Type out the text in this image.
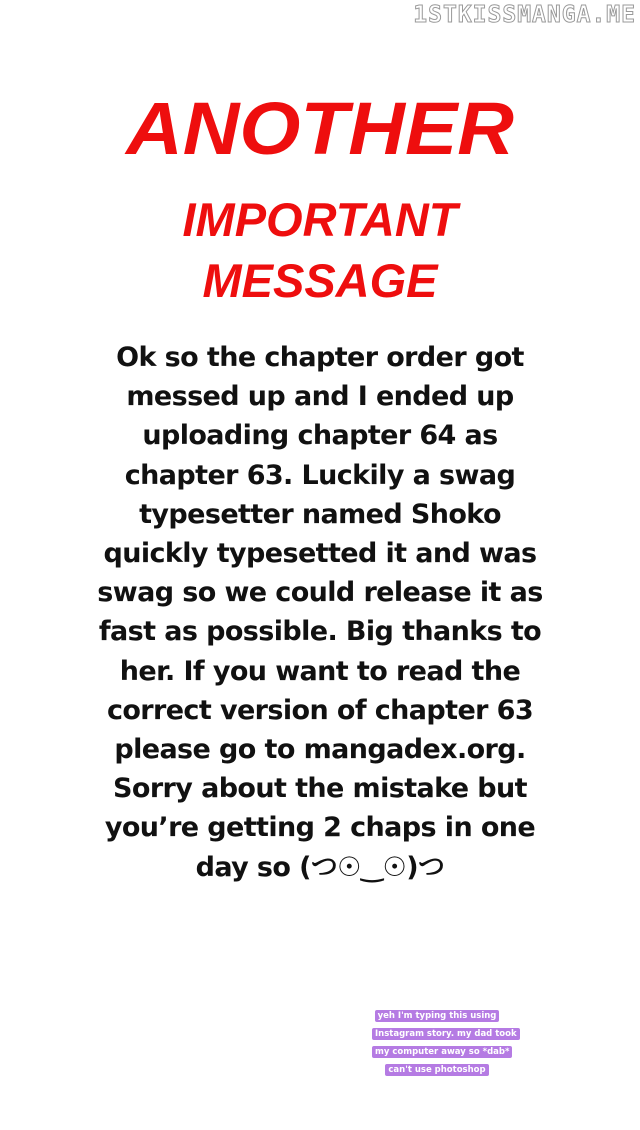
1STKISSMANGA.ME
ANOTHER
IMPORTANT
MESSAGE
Ok so the chapter order got
messed up and I ended up
uploading chapter 64 as
chapter 63. Luckily a swag
typesetter named Shoko
quickly typesetted it and was
swag so we could release it as
fast as possible. Big thanks to
her. If you want to read the
correct version of chapter 63
please go to mangadex.org.
Sorry about the mistake but
you’re getting 2 chaps in one
day so (つ☉‿☉)つ
yeh I'm typing this using
Instagram story. my dad took
my computer away so *dab*
can't use photoshop
